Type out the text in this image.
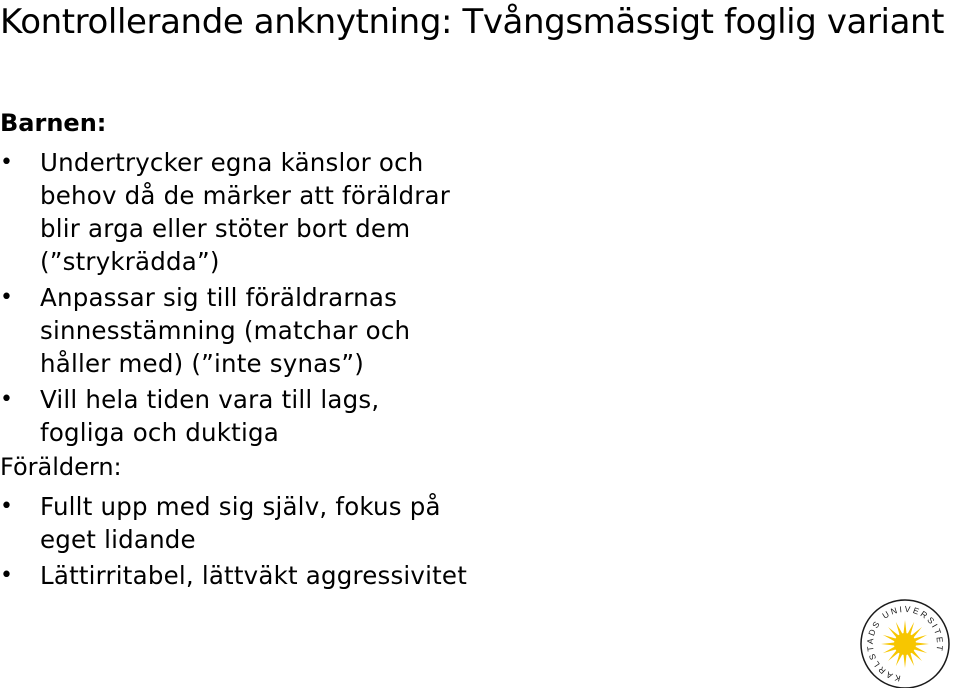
Kontrollerande anknytning: Tvångsmässigt foglig variant
Barnen:
• Undertrycker egna känslor och behov då de märker att föräldrar blir arga eller stöter bort dem (”strykrädda”)
• Anpassar sig till föräldrarnas sinnesstämning (matchar och håller med) (”inte synas”)
• Vill hela tiden vara till lags, fogliga och duktiga
Föräldern:
• Fullt upp med sig själv, fokus på eget lidande
• Lättirritabel, lättväkt aggressivitet
KARLSTADS UNIVERSITET
